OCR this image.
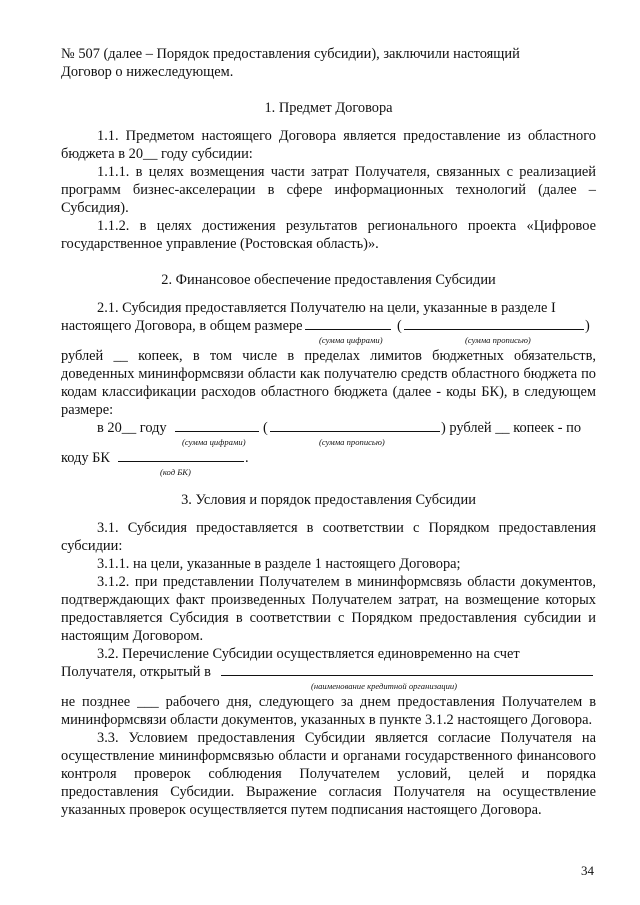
№ 507 (далее – Порядок предоставления субсидии), заключили настоящий

Договор о нижеследующем.

1. Предмет Договора

1.1. Предметом настоящего Договора является предоставление из областного бюджета в 20__ году субсидии:

1.1.1. в целях возмещения части затрат Получателя, связанных с реализацией программ бизнес-акселерации в сфере информационных технологий (далее – Субсидия).

1.1.2. в целях достижения результатов регионального проекта «Цифровое государственное управление (Ростовская область)».

2. Финансовое обеспечение предоставления Субсидии

2.1. Субсидия предоставляется Получателю на цели, указанные в разделе I

настоящего Договора, в общем размере	(	)
(сумма цифрами)	(сумма прописью)

рублей __ копеек, в том числе в пределах лимитов бюджетных обязательств, доведенных мининформсвязи области как получателю средств областного бюджета по кодам классификации расходов областного бюджета (далее - коды БК), в следующем размере:

в 20__ году	(	) рублей __ копеек - по
(сумма цифрами)	(сумма прописью)
коду БК	.
(код БК)

3. Условия и порядок предоставления Субсидии

3.1. Субсидия предоставляется в соответствии с Порядком предоставления субсидии:

3.1.1. на цели, указанные в разделе 1 настоящего Договора;

3.1.2. при представлении Получателем в мининформсвязь области документов, подтверждающих факт произведенных Получателем затрат, на возмещение которых предоставляется Субсидия в соответствии с Порядком предоставления субсидии и настоящим Договором.

3.2. Перечисление Субсидии осуществляется единовременно на счет

Получателя, открытый в
(наименование кредитной организации)

не позднее ___ рабочего дня, следующего за днем предоставления Получателем в мининформсвязи области документов, указанных в пункте 3.1.2 настоящего Договора.

3.3. Условием предоставления Субсидии является согласие Получателя на осуществление мининформсвязью области и органами государственного финансового контроля проверок соблюдения Получателем условий, целей и порядка предоставления Субсидии. Выражение согласия Получателя на осуществление указанных проверок осуществляется путем подписания настоящего Договора.

34
